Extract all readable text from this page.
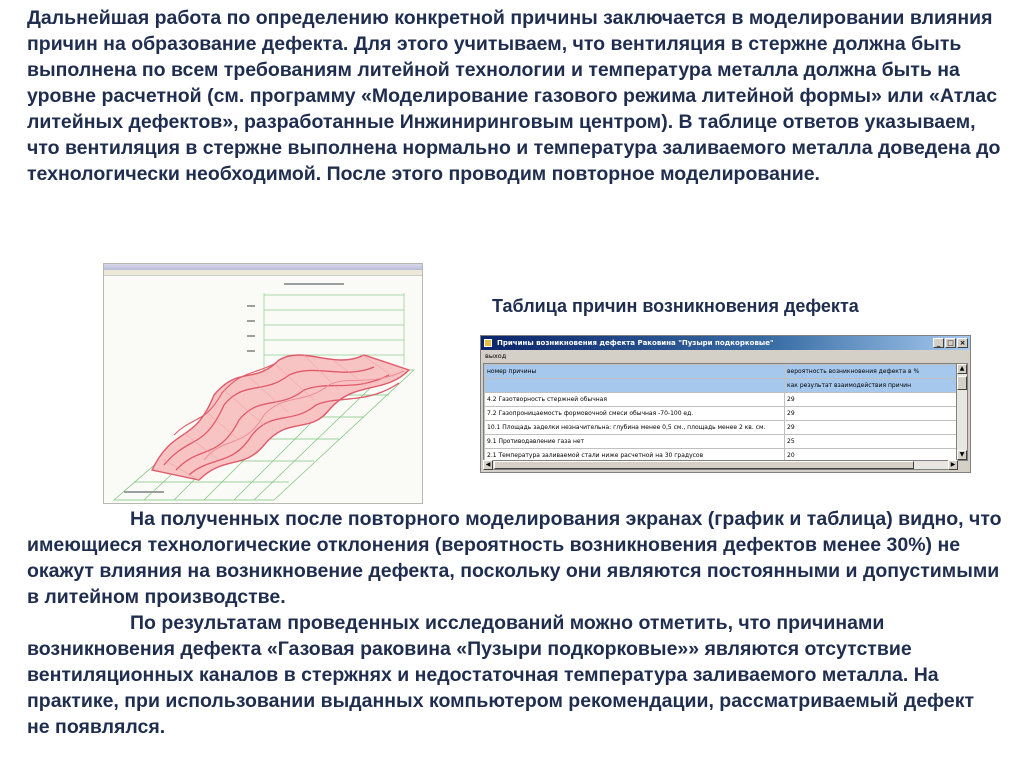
Дальнейшая работа по определению конкретной причины заключается в моделировании влияния причин на образование дефекта. Для этого учитываем, что вентиляция в стержне должна быть выполнена по всем требованиям литейной технологии и температура металла должна быть на уровне расчетной (см. программу «Моделирование газового режима литейной формы» или «Атлас литейных дефектов», разработанные Инжиниринговым центром). В таблице ответов указываем, что вентиляция в стержне выполнена нормально и температура заливаемого металла доведена до технологически необходимой. После этого проводим повторное моделирование.

Таблица причин возникновения дефекта

Причины возникновения дефекта Раковина "Пузыри подкорковые"	_ □ ×
выход
номер причины	вероятность возникновения дефекта в %
	как результат взаимодействия причин
4.2 Газотворность стержней обычная	29
7.2 Газопроницаемость формовочной смеси обычная -70-100 ед.	29
10.1 Площадь заделки незначительна: глубина менее 0,5 см., площадь менее 2 кв. см.	29
9.1 Противодавление газа нет	25
2.1 Температура заливаемой стали ниже расчетной на 30 градусов	20
▲
▼
◀	▶

На полученных после повторного моделирования экранах (график и таблица) видно, что имеющиеся технологические отклонения (вероятность возникновения дефектов менее 30%) не окажут влияния на возникновение дефекта, поскольку они являются постоянными и допустимыми в литейном производстве.

По результатам проведенных исследований можно отметить, что причинами возникновения дефекта «Газовая раковина «Пузыри подкорковые»» являются отсутствие вентиляционных каналов в стержнях и недостаточная температура заливаемого металла. На практике, при использовании выданных компьютером рекомендации, рассматриваемый дефект не появлялся.
